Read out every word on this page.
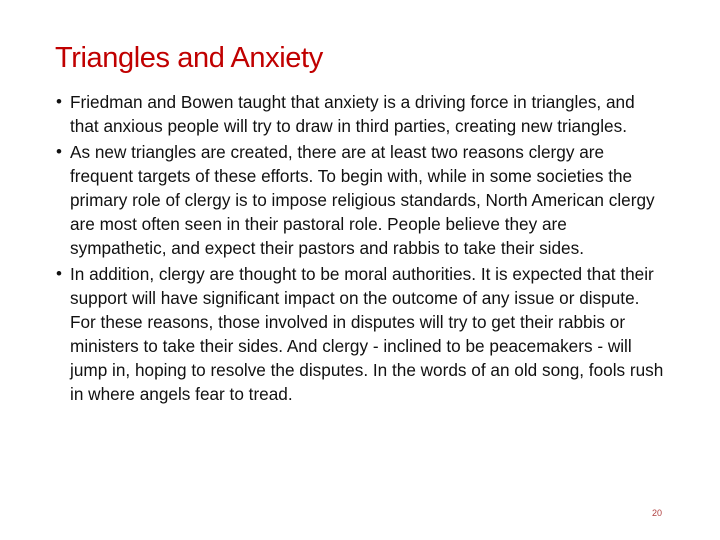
Triangles and Anxiety
• Friedman and Bowen taught that anxiety is a driving force in triangles, and that anxious people will try to draw in third parties, creating new triangles.
• As new triangles are created, there are at least two reasons clergy are frequent targets of these efforts. To begin with, while in some societies the primary role of clergy is to impose religious standards, North American clergy are most often seen in their pastoral role. People believe they are sympathetic, and expect their pastors and rabbis to take their sides.
• In addition, clergy are thought to be moral authorities. It is expected that their support will have significant impact on the outcome of any issue or dispute. For these reasons, those involved in disputes will try to get their rabbis or ministers to take their sides. And clergy - inclined to be peacemakers - will jump in, hoping to resolve the disputes. In the words of an old song, fools rush in where angels fear to tread.
20
